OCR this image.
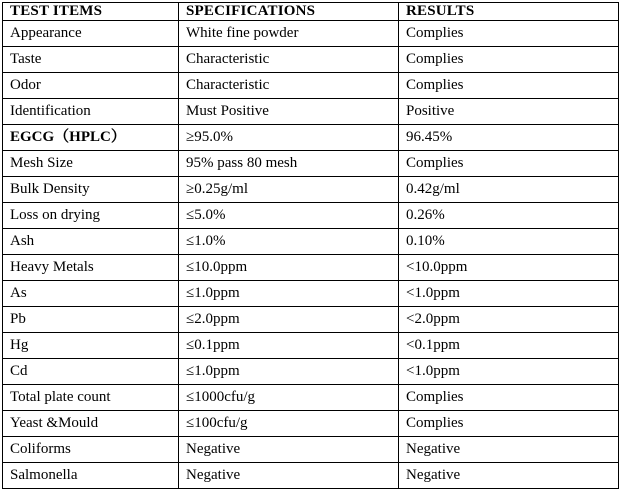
TEST ITEMS	SPECIFICATIONS	RESULTS
Appearance	White fine powder	Complies
Taste	Characteristic	Complies
Odor	Characteristic	Complies
Identification	Must Positive	Positive
EGCG（HPLC）	≥95.0%	96.45%
Mesh Size	95% pass 80 mesh	Complies
Bulk Density	≥0.25g/ml	0.42g/ml
Loss on drying	≤5.0%	0.26%
Ash	≤1.0%	0.10%
Heavy Metals	≤10.0ppm	<10.0ppm
As	≤1.0ppm	<1.0ppm
Pb	≤2.0ppm	<2.0ppm
Hg	≤0.1ppm	<0.1ppm
Cd	≤1.0ppm	<1.0ppm
Total plate count	≤1000cfu/g	Complies
Yeast &Mould	≤100cfu/g	Complies
Coliforms	Negative	Negative
Salmonella	Negative	Negative
